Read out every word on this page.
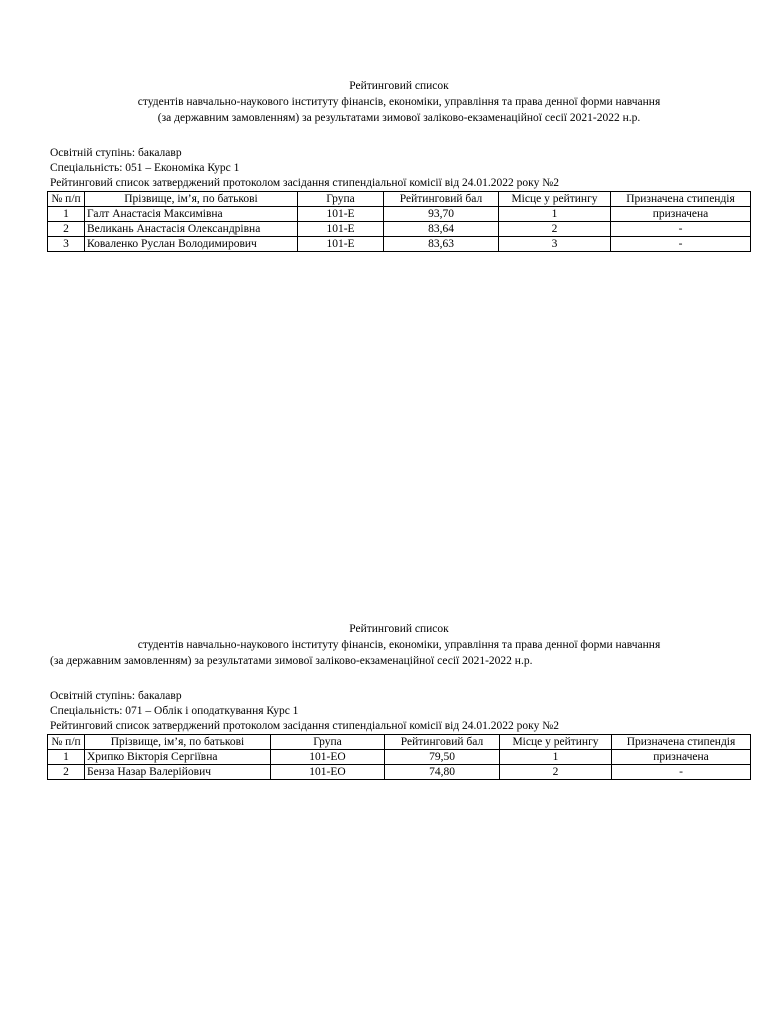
Рейтинговий список
студентів навчально-наукового інституту фінансів, економіки, управління та права денної форми навчання
(за державним замовленням) за результатами зимової заліково-екзаменаційної сесії 2021-2022 н.р.
Освітній ступінь: бакалавр
Спеціальність: 051 – Економіка Курс 1
Рейтинговий список затверджений протоколом засідання стипендіальної комісії від 24.01.2022 року №2
№ п/п	Прізвище, ім’я, по батькові	Група	Рейтинговий бал	Місце у рейтингу	Призначена стипендія
1	Галт Анастасія Максимівна	101-Е	93,70	1	призначена
2	Великань Анастасія Олександрівна	101-Е	83,64	2	-
3	Коваленко Руслан Володимирович	101-Е	83,63	3	-
Рейтинговий список
студентів навчально-наукового інституту фінансів, економіки, управління та права денної форми навчання
(за державним замовленням) за результатами зимової заліково-екзаменаційної сесії 2021-2022 н.р.
Освітній ступінь: бакалавр
Спеціальність: 071 – Облік і оподаткування Курс 1
Рейтинговий список затверджений протоколом засідання стипендіальної комісії від 24.01.2022 року №2
№ п/п	Прізвище, ім’я, по батькові	Група	Рейтинговий бал	Місце у рейтингу	Призначена стипендія
1	Хрипко Вікторія Сергіївна	101-ЕО	79,50	1	призначена
2	Бенза Назар Валерійович	101-ЕО	74,80	2	-
